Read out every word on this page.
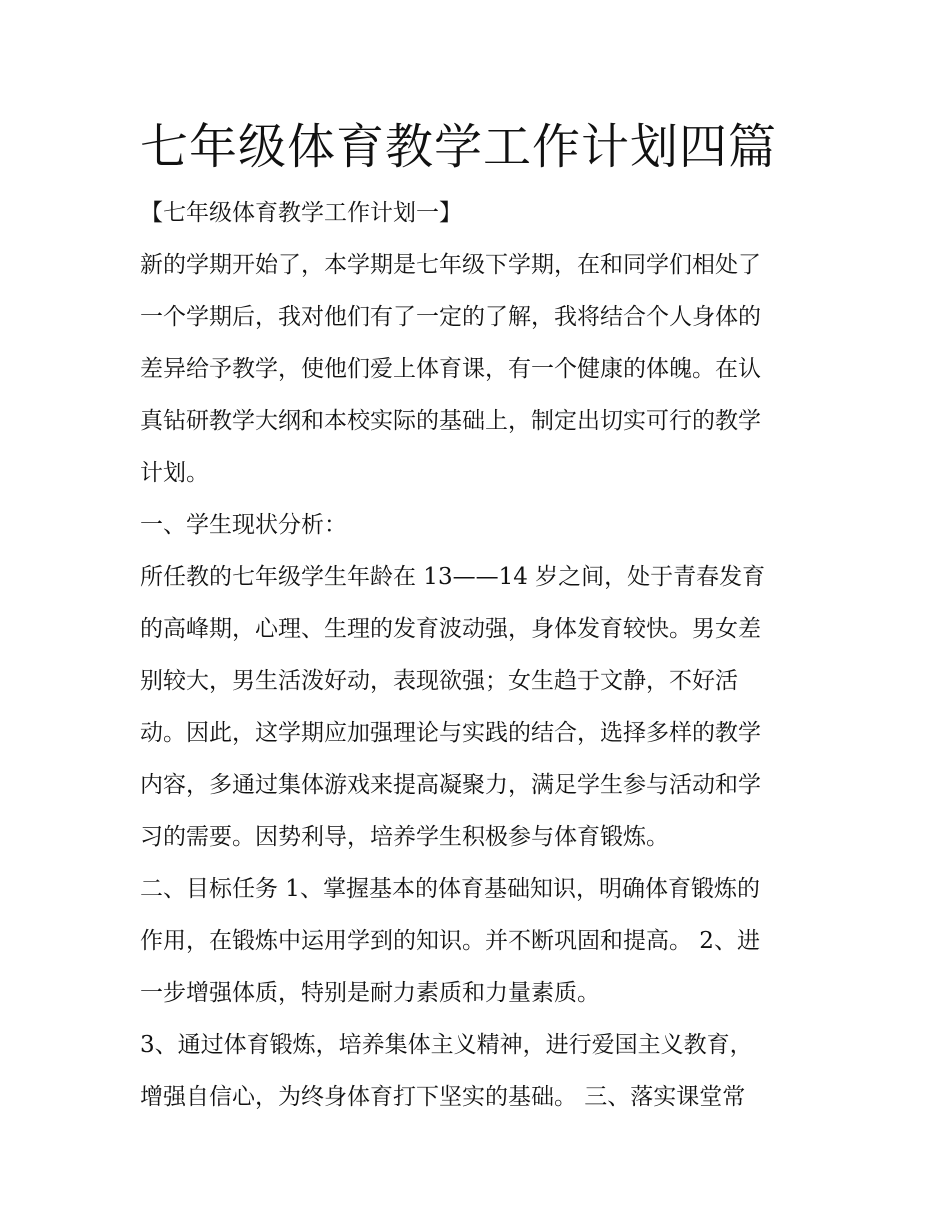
七年级体育教学工作计划四篇
【七年级体育教学工作计划一】
新的学期开始了，本学期是七年级下学期，在和同学们相处了
一个学期后，我对他们有了一定的了解，我将结合个人身体的
差异给予教学，使他们爱上体育课，有一个健康的体魄。在认
真钻研教学大纲和本校实际的基础上，制定出切实可行的教学
计划。
一、学生现状分析：
所任教的七年级学生年龄在 13——14 岁之间，处于青春发育
的高峰期，心理、生理的发育波动强，身体发育较快。男女差
别较大，男生活泼好动，表现欲强；女生趋于文静，不好活
动。因此，这学期应加强理论与实践的结合，选择多样的教学
内容，多通过集体游戏来提高凝聚力，满足学生参与活动和学
习的需要。因势利导，培养学生积极参与体育锻炼。
二、目标任务 1、掌握基本的体育基础知识，明确体育锻炼的
作用，在锻炼中运用学到的知识。并不断巩固和提高。 2、进
一步增强体质，特别是耐力素质和力量素质。
3、通过体育锻炼，培养集体主义精神，进行爱国主义教育，
增强自信心，为终身体育打下坚实的基础。 三、落实课堂常
